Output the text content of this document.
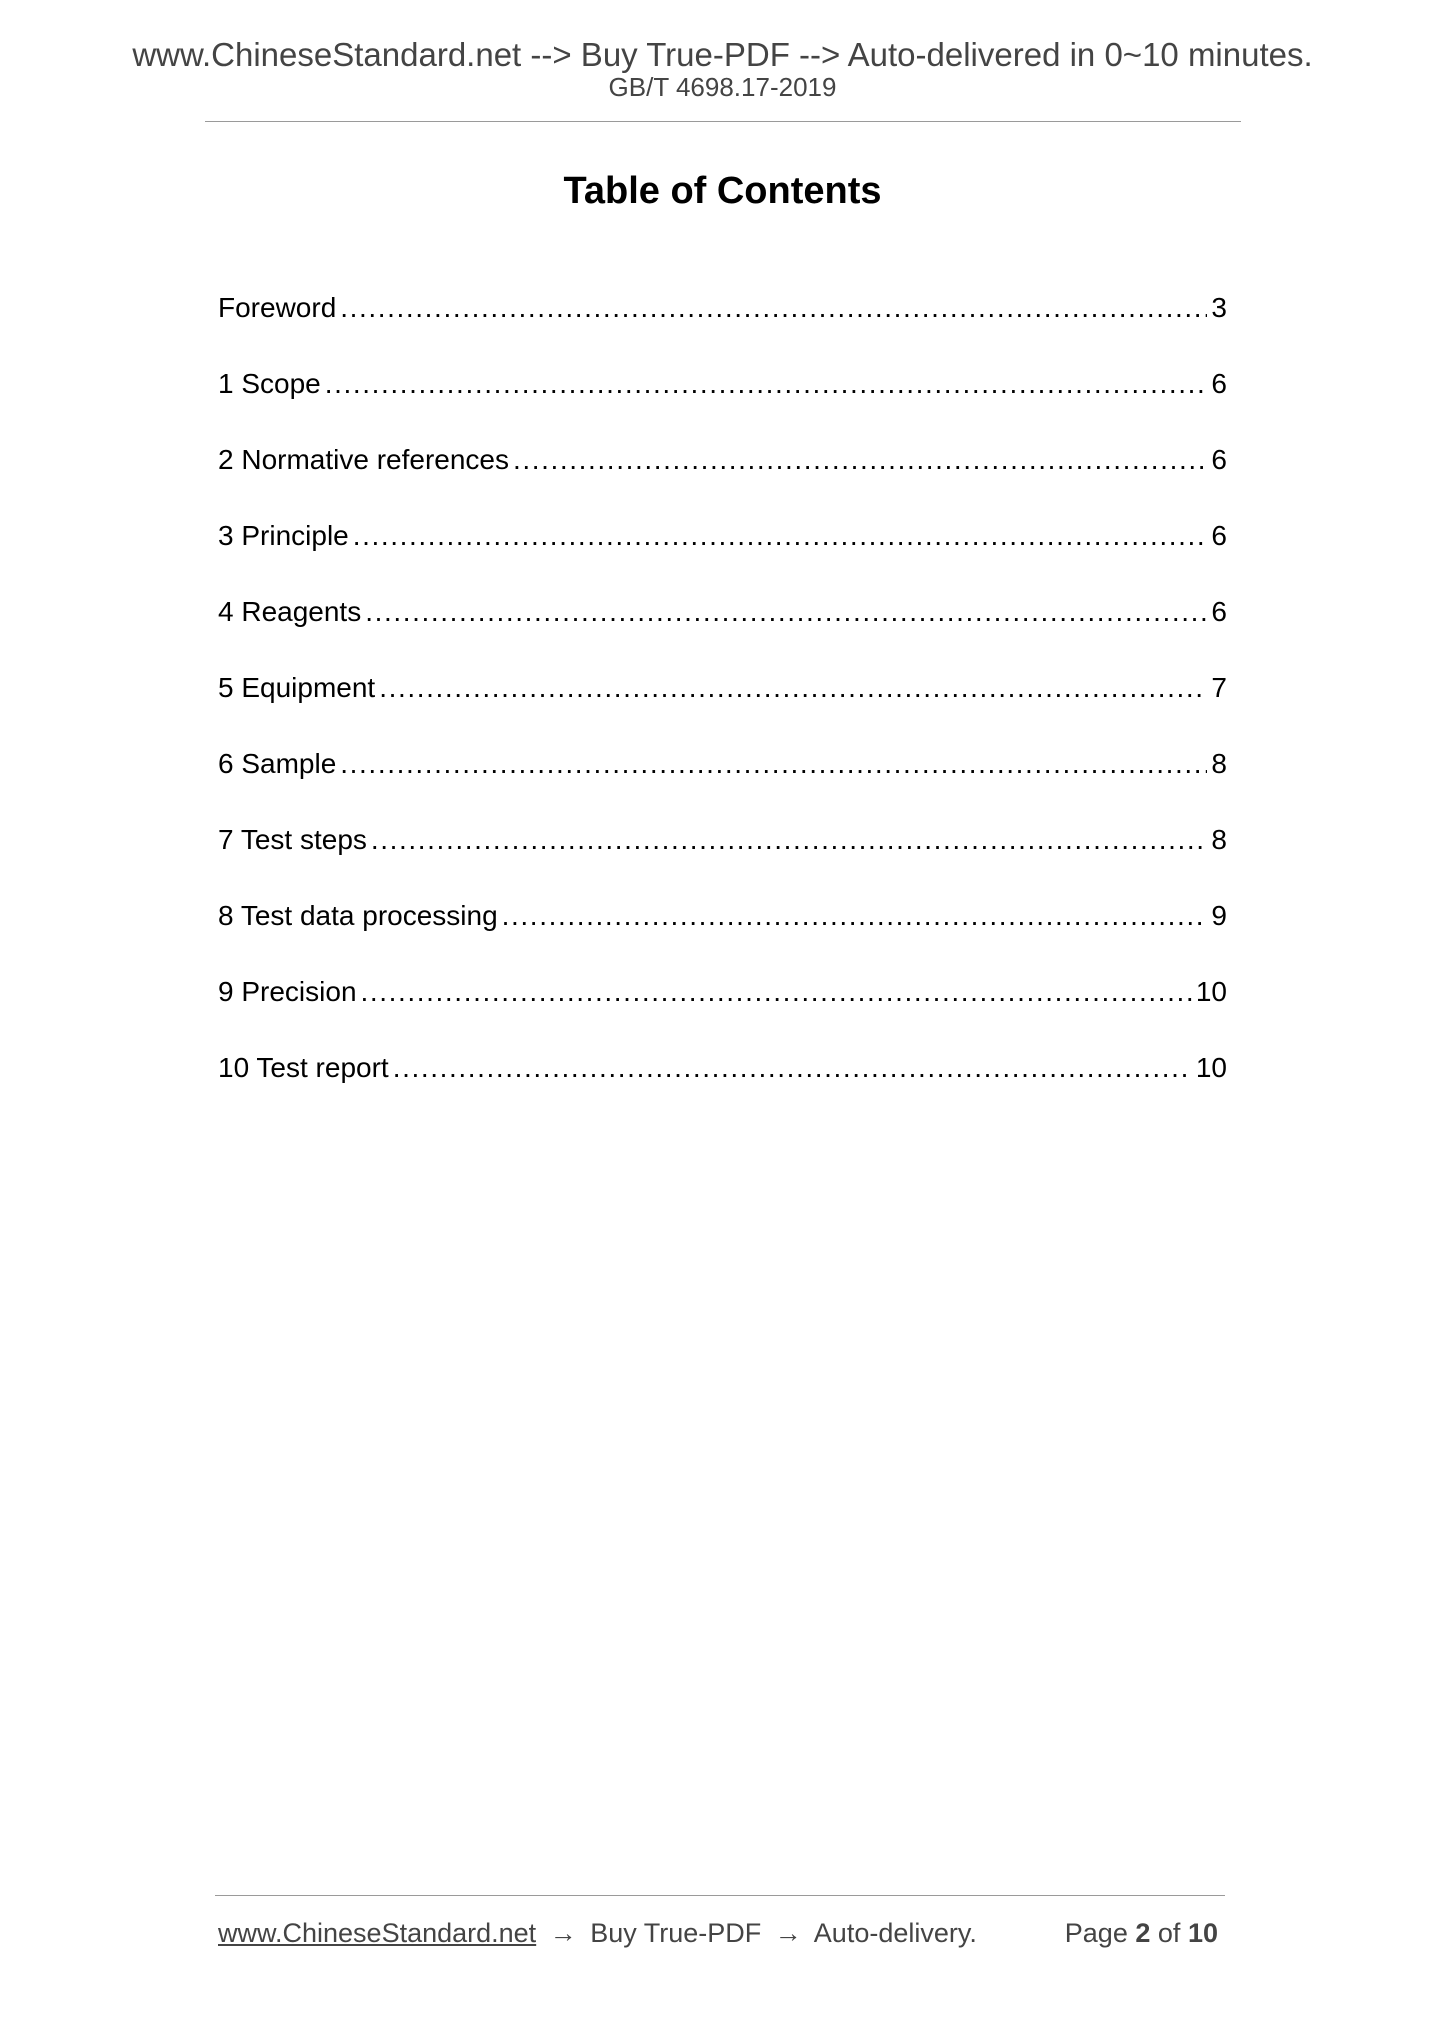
www.ChineseStandard.net --> Buy True-PDF --> Auto-delivered in 0~10 minutes.
GB/T 4698.17-2019
Table of Contents
Foreword .....	3
1 Scope .....	6
2 Normative references .....	6
3 Principle .....	6
4 Reagents .....	6
5 Equipment .....	7
6 Sample .....	8
7 Test steps .....	8
8 Test data processing .....	9
9 Precision .....	10
10 Test report .....	10
www.ChineseStandard.net → Buy True-PDF → Auto-delivery.	Page 2 of 10
